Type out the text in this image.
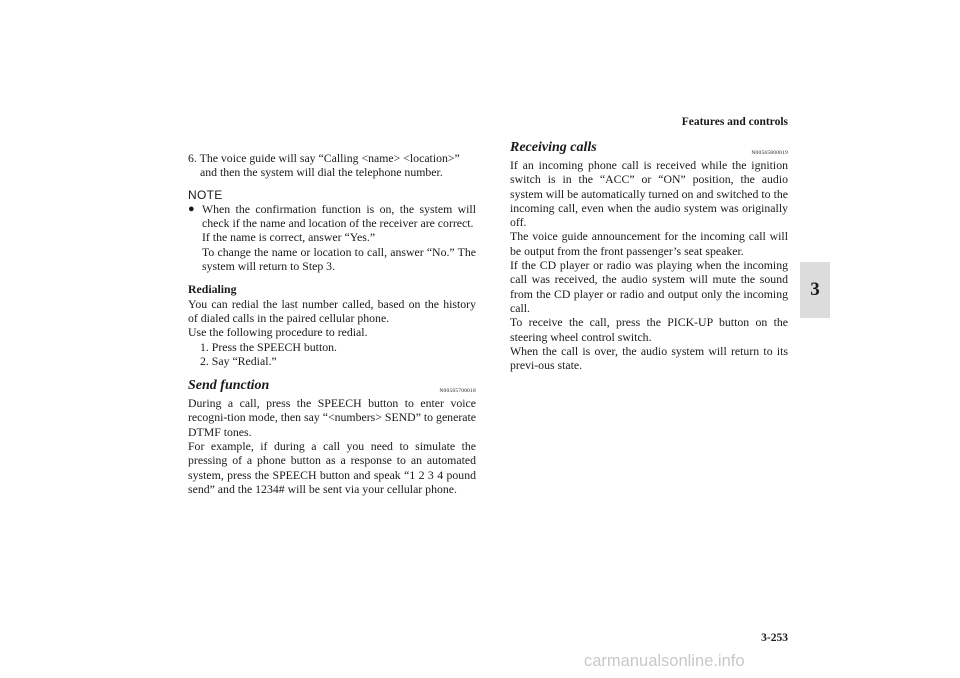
Features and controls
3

6. The voice guide will say “Calling <name> <location>”

and then the system will dial the telephone number.

NOTE
● When the confirmation function is on, the system will check if the name and location of the receiver are correct.

If the name is correct, answer “Yes.”

To change the name or location to call, answer “No.” The system will return to Step 3.

Redialing

You can redial the last number called, based on the history of dialed calls in the paired cellular phone.

Use the following procedure to redial.

1. Press the SPEECH button.

2. Say “Redial.”

Send function	N00565700018

During a call, press the SPEECH button to enter voice recogni-tion mode, then say “<numbers> SEND” to generate DTMF tones.

For example, if during a call you need to simulate the pressing of a phone button as a response to an automated system, press the SPEECH button and speak “1 2 3 4 pound send” and the 1234# will be sent via your cellular phone.

Receiving calls	N00565800019

If an incoming phone call is received while the ignition switch is in the “ACC” or “ON” position, the audio system will be automatically turned on and switched to the incoming call, even when the audio system was originally off.

The voice guide announcement for the incoming call will be output from the front passenger’s seat speaker.

If the CD player or radio was playing when the incoming call was received, the audio system will mute the sound from the CD player or radio and output only the incoming call.

To receive the call, press the PICK-UP button on the steering wheel control switch.

When the call is over, the audio system will return to its previ-ous state.

3-253
carmanualsonline.info
